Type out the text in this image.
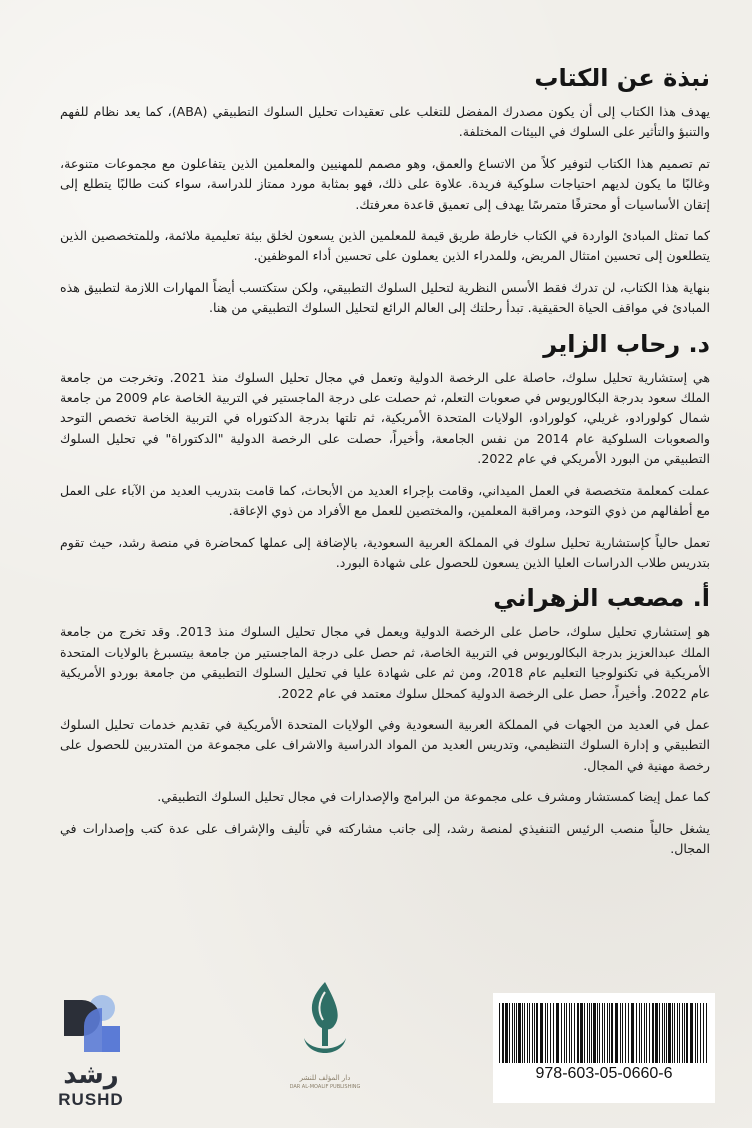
نبذة عن الكتاب

يهدف هذا الكتاب إلى أن يكون مصدرك المفضل للتغلب على تعقيدات تحليل السلوك التطبيقي (ABA)، كما يعد نظام للفهم والتنبؤ والتأثير على السلوك في البيئات المختلفة.

تم تصميم هذا الكتاب لتوفير كلاً من الاتساع والعمق، وهو مصمم للمهنيين والمعلمين الذين يتفاعلون مع مجموعات متنوعة، وغالبًا ما يكون لديهم احتياجات سلوكية فريدة. علاوة على ذلك، فهو بمثابة مورد ممتاز للدراسة، سواء كنت طالبًا يتطلع إلى إتقان الأساسيات أو محترفًا متمرسًا يهدف إلى تعميق قاعدة معرفتك.

كما تمثل المبادئ الواردة في الكتاب خارطة طريق قيمة للمعلمين الذين يسعون لخلق بيئة تعليمية ملائمة، وللمتخصصين الذين يتطلعون إلى تحسين امتثال المريض، وللمدراء الذين يعملون على تحسين أداء الموظفين.

بنهاية هذا الكتاب، لن تدرك فقط الأسس النظرية لتحليل السلوك التطبيقي، ولكن ستكتسب أيضاً المهارات اللازمة لتطبيق هذه المبادئ في مواقف الحياة الحقيقية. تبدأ رحلتك إلى العالم الرائع لتحليل السلوك التطبيقي من هنا.

د. رحاب الزاير

هي إستشارية تحليل سلوك، حاصلة على الرخصة الدولية وتعمل في مجال تحليل السلوك منذ 2021. وتخرجت من جامعة الملك سعود بدرجة البكالوريوس في صعوبات التعلم، ثم حصلت على درجة الماجستير في التربية الخاصة عام 2009 من جامعة شمال كولورادو، غريلي، كولورادو، الولايات المتحدة الأمريكية، ثم تلتها بدرجة الدكتوراه في التربية الخاصة تخصص التوحد والصعوبات السلوكية عام 2014 من نفس الجامعة، وأخيراً، حصلت على الرخصة الدولية "الدكتوراة" في تحليل السلوك التطبيقي من البورد الأمريكي في عام 2022.

عملت كمعلمة متخصصة في العمل الميداني، وقامت بإجراء العديد من الأبحاث، كما قامت بتدريب العديد من الآباء على العمل مع أطفالهم من ذوي التوحد، ومراقبة المعلمين، والمختصين للعمل مع الأفراد من ذوي الإعاقة.

تعمل حالياً كإستشارية تحليل سلوك في المملكة العربية السعودية، بالإضافة إلى عملها كمحاضرة في منصة رشد، حيث تقوم بتدريس طلاب الدراسات العليا الذين يسعون للحصول على شهادة البورد.

أ. مصعب الزهراني

هو إستشاري تحليل سلوك، حاصل على الرخصة الدولية ويعمل في مجال تحليل السلوك منذ 2013. وقد تخرج من جامعة الملك عبدالعزيز بدرجة البكالوريوس في التربية الخاصة، ثم حصل على درجة الماجستير من جامعة بيتسبرغ بالولايات المتحدة الأمريكية في تكنولوجيا التعليم عام 2018، ومن ثم على شهادة عليا في تحليل السلوك التطبيقي من جامعة بوردو الأمريكية عام 2022. وأخيراً، حصل على الرخصة الدولية كمحلل سلوك معتمد في عام 2022.

عمل في العديد من الجهات في المملكة العربية السعودية وفي الولايات المتحدة الأمريكية في تقديم خدمات تحليل السلوك التطبيقي و إدارة السلوك التنظيمي، وتدريس العديد من المواد الدراسية والاشراف على مجموعة من المتدربين للحصول على رخصة مهنية في المجال.

كما عمل إيضا كمستشار ومشرف على مجموعة من البرامج والإصدارات في مجال تحليل السلوك التطبيقي.

يشغل حالياً منصب الرئيس التنفيذي لمنصة رشد، إلى جانب مشاركته في تأليف والإشراف على عدة كتب وإصدارات في المجال.

رشد
RUSHD
دار المؤلف للنشر
DAR AL-MOALIF PUBLISHING
978-603-05-0660-6
